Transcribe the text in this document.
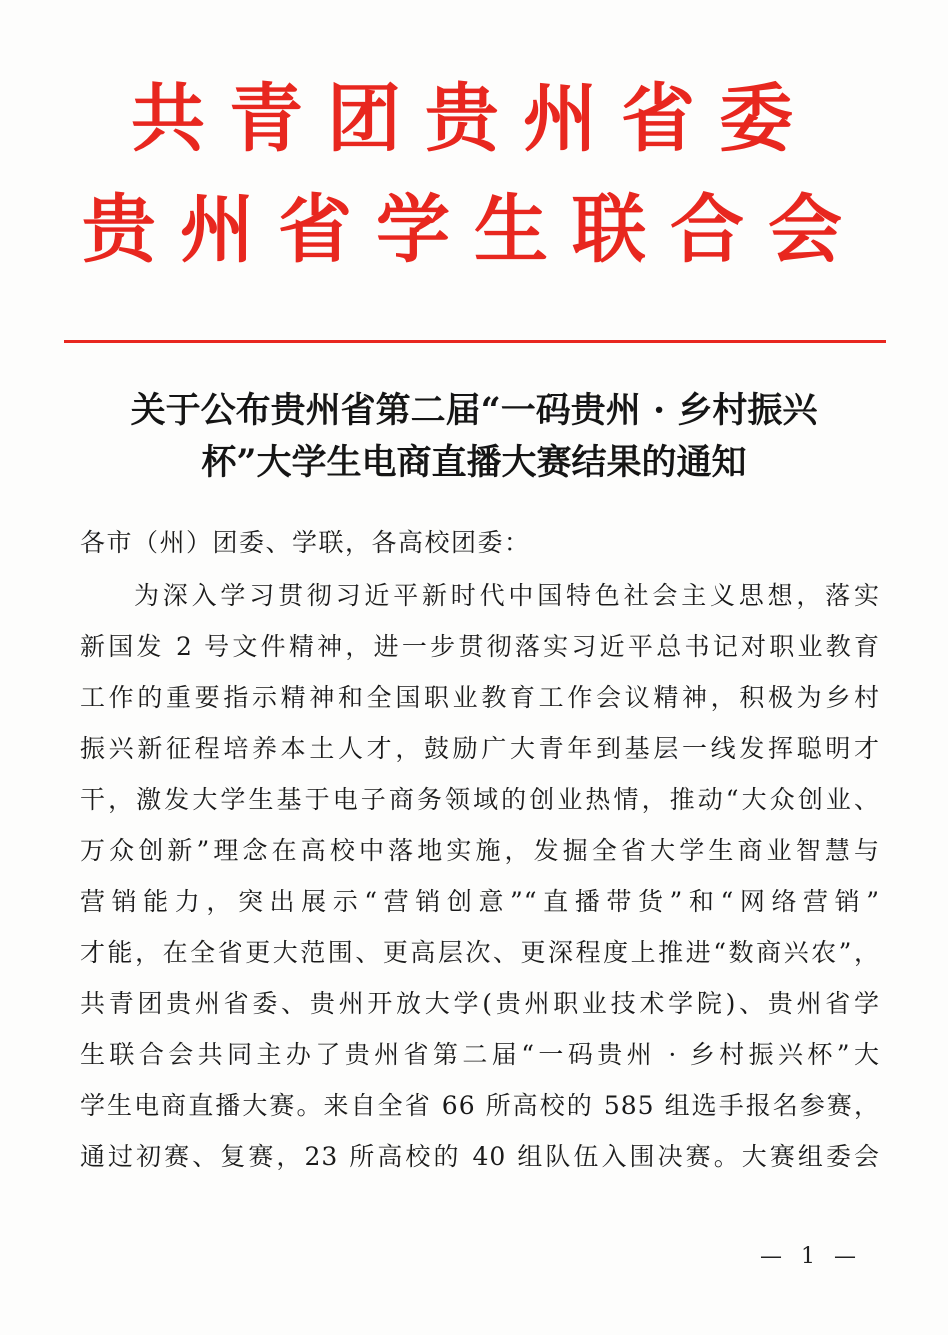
共青团贵州省委
贵州省学生联合会
关于公布贵州省第二届“一码贵州 · 乡村振兴
杯”大学生电商直播大赛结果的通知
各市（州）团委、学联，各高校团委：
为深入学习贯彻习近平新时代中国特色社会主义思想，落实
新国发 2 号文件精神，进一步贯彻落实习近平总书记对职业教育
工作的重要指示精神和全国职业教育工作会议精神，积极为乡村
振兴新征程培养本土人才，鼓励广大青年到基层一线发挥聪明才
干，激发大学生基于电子商务领域的创业热情，推动“大众创业、
万众创新”理念在高校中落地实施，发掘全省大学生商业智慧与
营销能力，突出展示“营销创意”“直播带货”和“网络营销”
才能，在全省更大范围、更高层次、更深程度上推进“数商兴农”，
共青团贵州省委、贵州开放大学(贵州职业技术学院)、贵州省学
生联合会共同主办了贵州省第二届“一码贵州 · 乡村振兴杯”大
学生电商直播大赛。来自全省 66 所高校的 585 组选手报名参赛，
通过初赛、复赛，23 所高校的 40 组队伍入围决赛。大赛组委会
— 1 —
